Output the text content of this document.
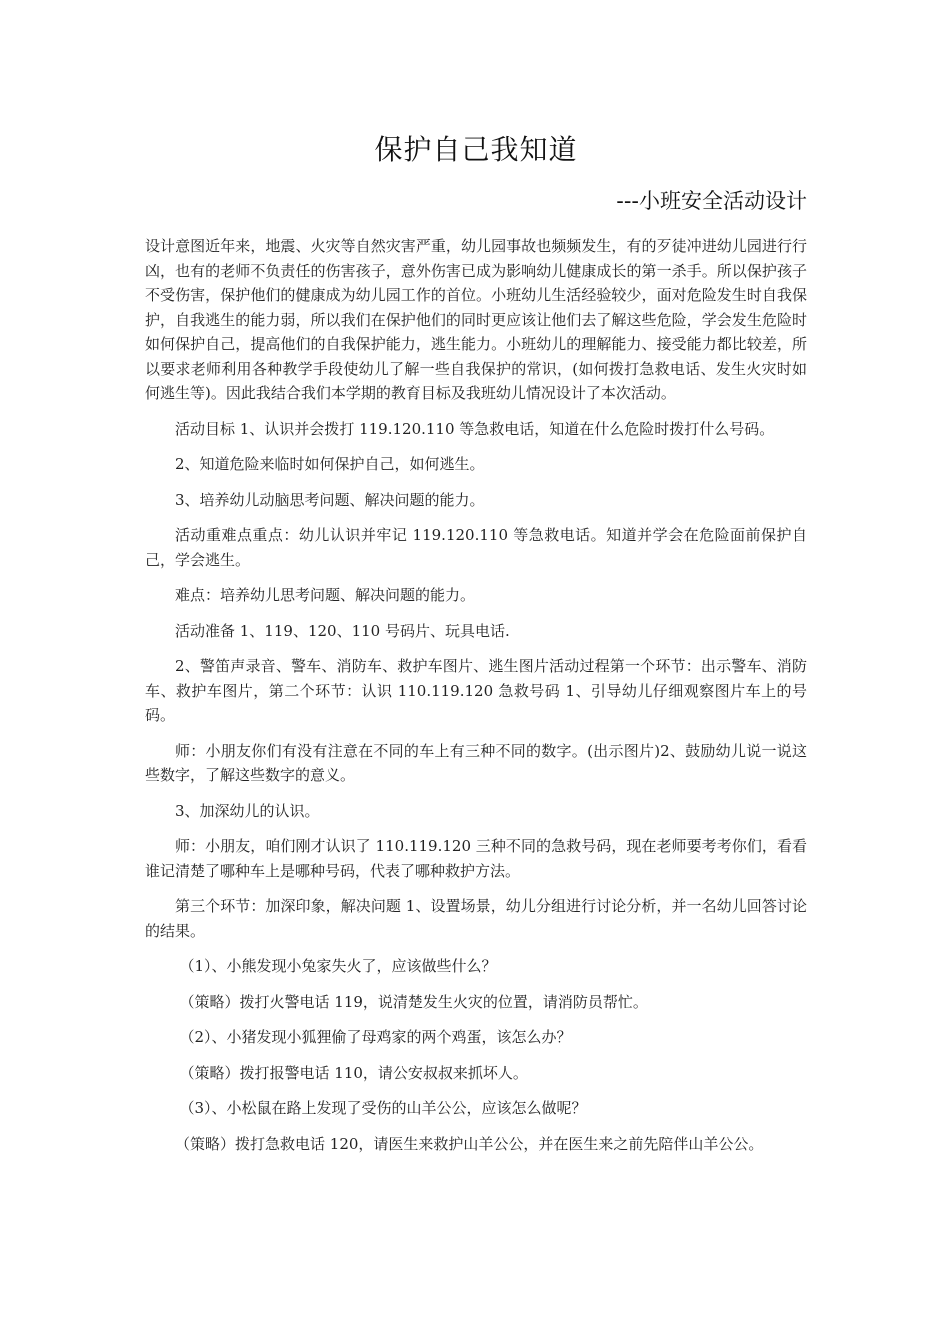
保护自己我知道
---小班安全活动设计

设计意图近年来，地震、火灾等自然灾害严重，幼儿园事故也频频发生，有的歹徒冲进幼儿园进行行凶，也有的老师不负责任的伤害孩子，意外伤害已成为影响幼儿健康成长的第一杀手。所以保护孩子不受伤害，保护他们的健康成为幼儿园工作的首位。小班幼儿生活经验较少，面对危险发生时自我保护，自我逃生的能力弱，所以我们在保护他们的同时更应该让他们去了解这些危险，学会发生危险时如何保护自己，提高他们的自我保护能力，逃生能力。小班幼儿的理解能力、接受能力都比较差，所以要求老师利用各种教学手段使幼儿了解一些自我保护的常识，(如何拨打急救电话、发生火灾时如何逃生等)。因此我结合我们本学期的教育目标及我班幼儿情况设计了本次活动。

活动目标 1、认识并会拨打 119.120.110 等急救电话，知道在什么危险时拨打什么号码。

2、知道危险来临时如何保护自己，如何逃生。

3、培养幼儿动脑思考问题、解决问题的能力。

活动重难点重点：幼儿认识并牢记 119.120.110 等急救电话。知道并学会在危险面前保护自己，学会逃生。

难点：培养幼儿思考问题、解决问题的能力。

活动准备 1、119、120、110 号码片、玩具电话.

2、警笛声录音、警车、消防车、救护车图片、逃生图片活动过程第一个环节：出示警车、消防车、救护车图片，第二个环节：认识 110.119.120 急救号码 1、引导幼儿仔细观察图片车上的号码。

师：小朋友你们有没有注意在不同的车上有三种不同的数字。(出示图片)2、鼓励幼儿说一说这些数字，了解这些数字的意义。

3、加深幼儿的认识。

师：小朋友，咱们刚才认识了 110.119.120 三种不同的急救号码，现在老师要考考你们，看看谁记清楚了哪种车上是哪种号码，代表了哪种救护方法。

第三个环节：加深印象，解决问题 1、设置场景，幼儿分组进行讨论分析，并一名幼儿回答讨论的结果。

（1）、小熊发现小兔家失火了，应该做些什么？

（策略）拨打火警电话 119，说清楚发生火灾的位置，请消防员帮忙。

（2）、小猪发现小狐狸偷了母鸡家的两个鸡蛋，该怎么办？

（策略）拨打报警电话 110，请公安叔叔来抓坏人。

（3）、小松鼠在路上发现了受伤的山羊公公，应该怎么做呢？

（策略）拨打急救电话 120，请医生来救护山羊公公，并在医生来之前先陪伴山羊公公。
